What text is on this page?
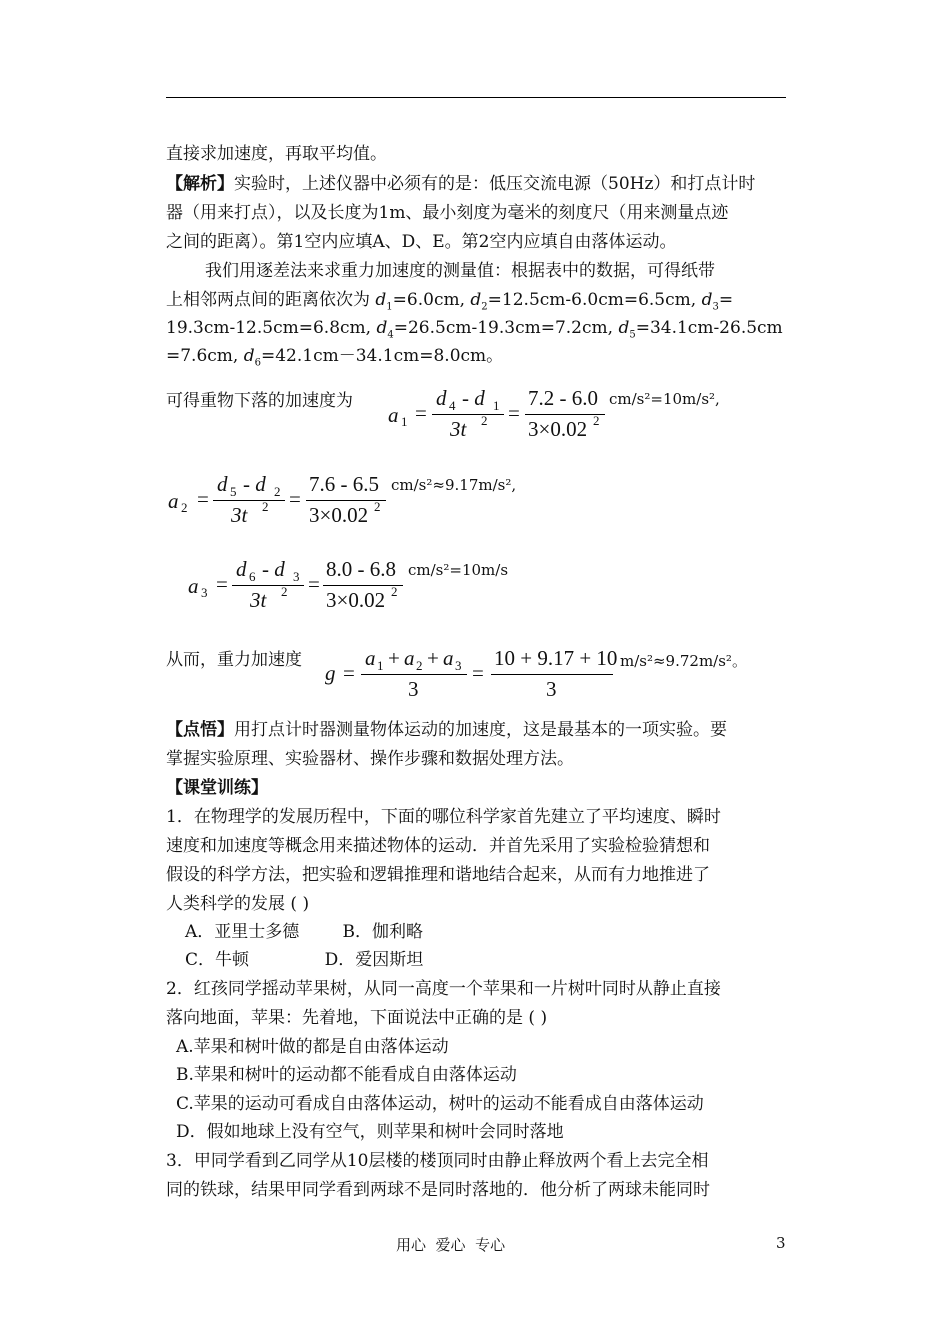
直接求加速度，再取平均值。
【解析】实验时，上述仪器中必须有的是：低压交流电源（50Hz）和打点计时
器（用来打点），以及长度为1m、最小刻度为毫米的刻度尺（用来测量点迹
之间的距离）。第1空内应填A、D、E。第2空内应填自由落体运动。
我们用逐差法来求重力加速度的测量值：根据表中的数据，可得纸带
上相邻两点间的距离依次为 $d_1=6.0cm$, $d_2=12.5cm-6.0cm=6.5cm$, $d_3=$
19.3cm-12.5cm=6.8cm, $d_4=26.5cm-19.3cm=7.2cm$, $d_5=34.1cm-26.5cm$
=7.6cm, $d_6=42.1cm-34.1cm=8.0cm$。
可得重物下落的加速度为
a 1 =
d 4 - d 1
3t 2 =
7.2 - 6.0
3×0.02 2
cm/s²=10m/s²,
a 2 =
d 5 - d 2
3t 2 =
7.6 - 6.5
3×0.02 2
cm/s²≈9.17m/s²,
a 3 =
d 6 - d 3
3t 2 =
8.0 - 6.8
3×0.02 2
cm/s²=10m/s
从而，重力加速度
g =
a 1 + a 2 + a 3
3
=
10 + 9.17 + 10
3
m/s²≈9.72m/s²。
【点悟】用打点计时器测量物体运动的加速度，这是最基本的一项实验。要
掌握实验原理、实验器材、操作步骤和数据处理方法。
【课堂训练】
1．在物理学的发展历程中，下面的哪位科学家首先建立了平均速度、瞬时
速度和加速度等概念用来描述物体的运动．并首先采用了实验检验猜想和
假设的科学方法，把实验和逻辑推理和谐地结合起来，从而有力地推进了
人类科学的发展 ( )
A．亚里士多德        B．伽利略
C．牛顿              D．爱因斯坦
2．红孩同学摇动苹果树，从同一高度一个苹果和一片树叶同时从静止直接
落向地面，苹果：先着地，下面说法中正确的是 ( )
A.苹果和树叶做的都是自由落体运动
B.苹果和树叶的运动都不能看成自由落体运动
C.苹果的运动可看成自由落体运动，树叶的运动不能看成自由落体运动
D．假如地球上没有空气，则苹果和树叶会同时落地
3．甲同学看到乙同学从10层楼的楼顶同时由静止释放两个看上去完全相
同的铁球，结果甲同学看到两球不是同时落地的．他分析了两球未能同时
用心  爱心  专心	3
